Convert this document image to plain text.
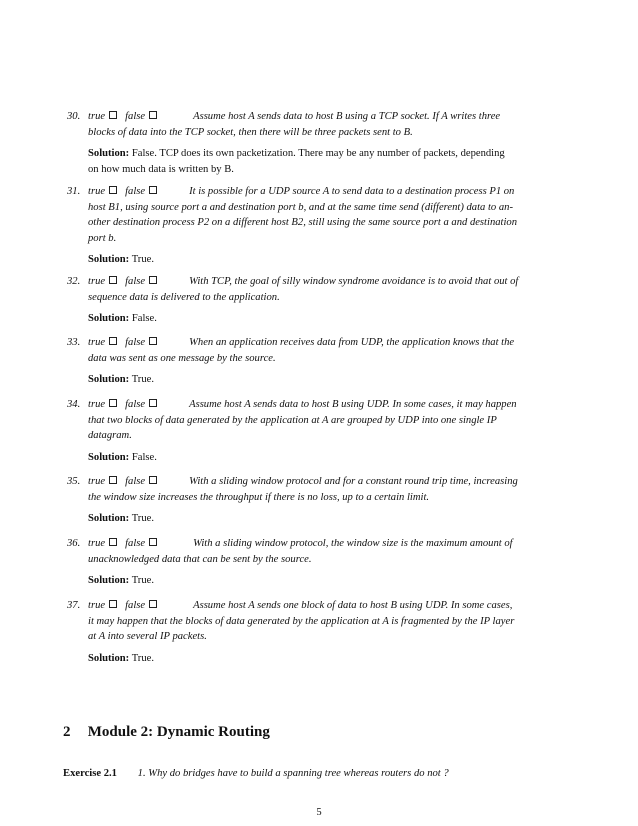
30. true false	Assume host A sends data to host B using a TCP socket. If A writes three
blocks of data into the TCP socket, then there will be three packets sent to B.
Solution: False. TCP does its own packetization. There may be any number of packets, depending
on how much data is written by B.
31. true false	It is possible for a UDP source A to send data to a destination process P1 on
host B1, using source port a and destination port b, and at the same time send (different) data to an-
other destination process P2 on a different host B2, still using the same source port a and destination
port b.
Solution: True.
32. true false	With TCP, the goal of silly window syndrome avoidance is to avoid that out of
sequence data is delivered to the application.
Solution: False.
33. true false	When an application receives data from UDP, the application knows that the
data was sent as one message by the source.
Solution: True.
34. true false	Assume host A sends data to host B using UDP. In some cases, it may happen
that two blocks of data generated by the application at A are grouped by UDP into one single IP
datagram.
Solution: False.
35. true false	With a sliding window protocol and for a constant round trip time, increasing
the window size increases the throughput if there is no loss, up to a certain limit.
Solution: True.
36. true false	With a sliding window protocol, the window size is the maximum amount of
unacknowledged data that can be sent by the source.
Solution: True.
37. true false	Assume host A sends one block of data to host B using UDP. In some cases,
it may happen that the blocks of data generated by the application at A is fragmented by the IP layer
at A into several IP packets.
Solution: True.
2 Module 2: Dynamic Routing
Exercise 2.1 1. Why do bridges have to build a spanning tree whereas routers do not ?
5
